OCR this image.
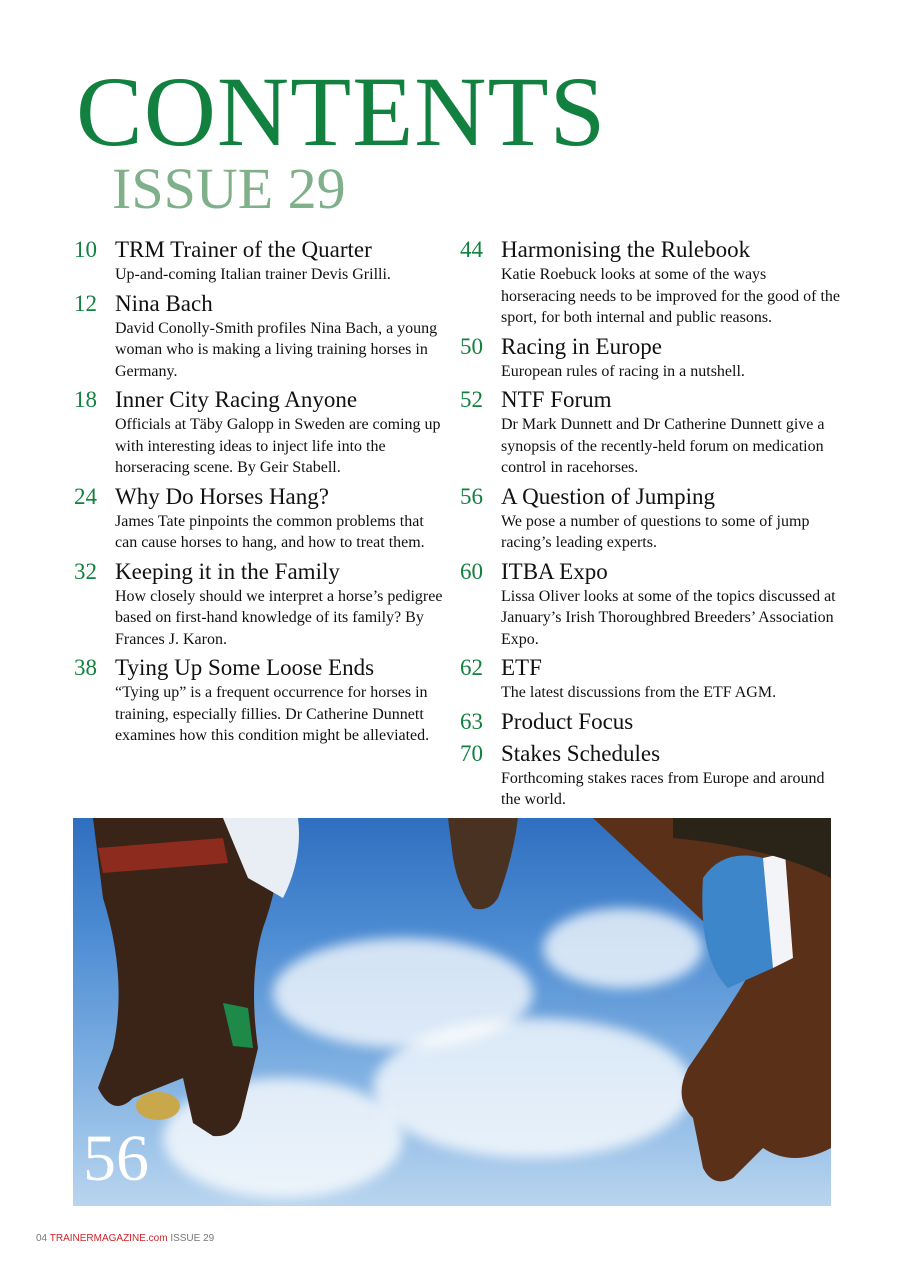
CONTENTS
ISSUE 29
10 TRM Trainer of the Quarter
Up-and-coming Italian trainer Devis Grilli.
12 Nina Bach
David Conolly-Smith profiles Nina Bach, a young woman who is making a living training horses in Germany.
18 Inner City Racing Anyone
Officials at Täby Galopp in Sweden are coming up with interesting ideas to inject life into the horseracing scene. By Geir Stabell.
24 Why Do Horses Hang?
James Tate pinpoints the common problems that can cause horses to hang, and how to treat them.
32 Keeping it in the Family
How closely should we interpret a horse’s pedigree based on first-hand knowledge of its family? By Frances J. Karon.
38 Tying Up Some Loose Ends
“Tying up” is a frequent occurrence for horses in training, especially fillies. Dr Catherine Dunnett examines how this condition might be alleviated.
44 Harmonising the Rulebook
Katie Roebuck looks at some of the ways horseracing needs to be improved for the good of the sport, for both internal and public reasons.
50 Racing in Europe
European rules of racing in a nutshell.
52 NTF Forum
Dr Mark Dunnett and Dr Catherine Dunnett give a synopsis of the recently-held forum on medication control in racehorses.
56 A Question of Jumping
We pose a number of questions to some of jump racing’s leading experts.
60 ITBA Expo
Lissa Oliver looks at some of the topics discussed at January’s Irish Thoroughbred Breeders’ Association Expo.
62 ETF
The latest discussions from the ETF AGM.
63 Product Focus
70 Stakes Schedules
Forthcoming stakes races from Europe and around the world.
56
04 TRAINERMAGAZINE.com ISSUE 29
